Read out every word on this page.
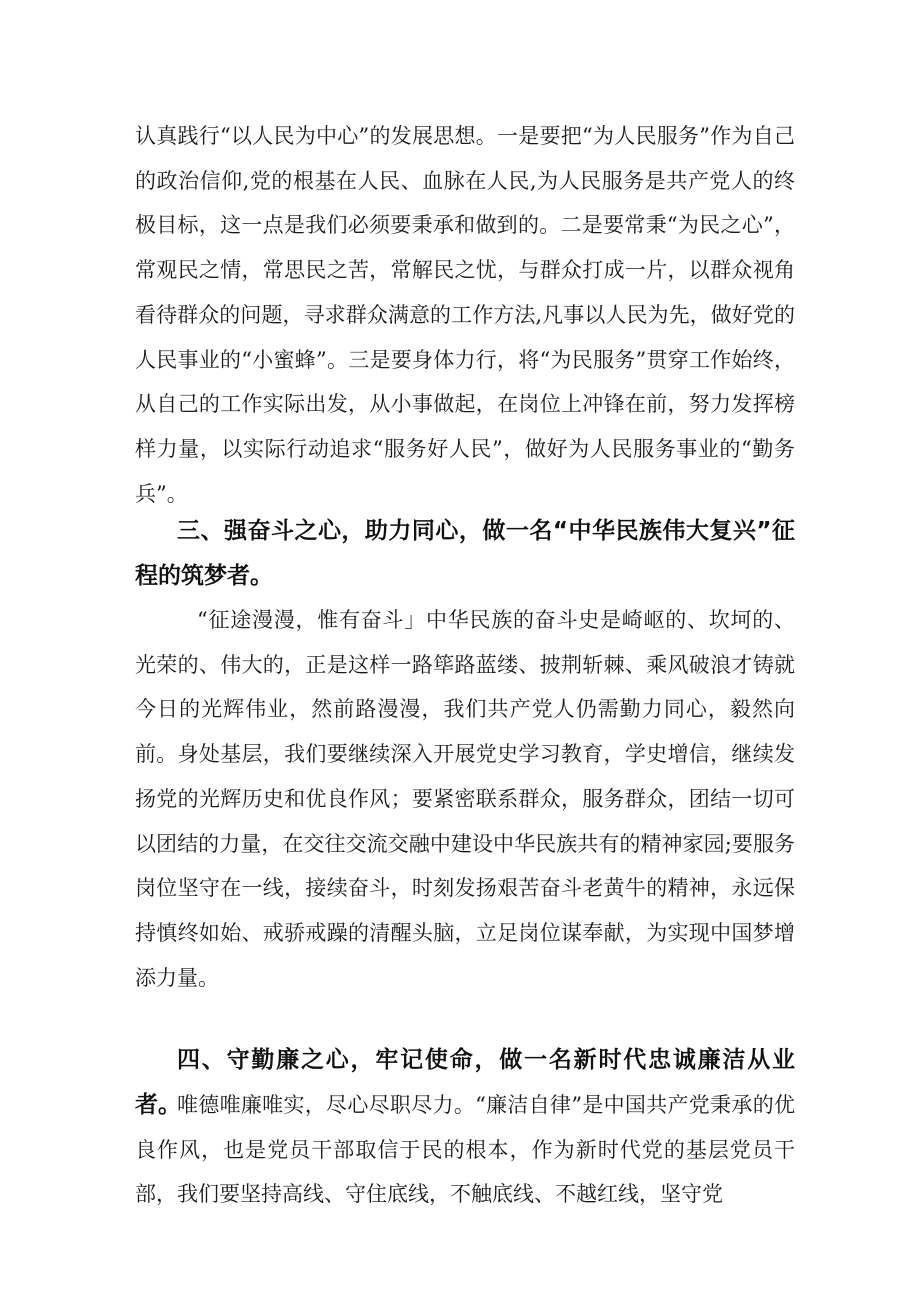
认真践行“以人民为中心”的发展思想。一是要把“为人民服务”作为自己的政治信仰,党的根基在人民、血脉在人民,为人民服务是共产党人的终极目标，这一点是我们必须要秉承和做到的。二是要常秉“为民之心”，常观民之情，常思民之苦，常解民之忧，与群众打成一片，以群众视角看待群众的问题，寻求群众满意的工作方法,凡事以人民为先，做好党的人民事业的“小蜜蜂”。三是要身体力行，将“为民服务”贯穿工作始终，从自己的工作实际出发，从小事做起，在岗位上冲锋在前，努力发挥榜样力量，以实际行动追求“服务好人民”，做好为人民服务事业的“勤务兵”。

三、强奋斗之心，助力同心，做一名“中华民族伟大复兴”征程的筑梦者。

“征途漫漫，惟有奋斗」中华民族的奋斗史是崎岖的、坎坷的、光荣的、伟大的，正是这样一路筚路蓝缕、披荆斩棘、乘风破浪才铸就今日的光辉伟业，然前路漫漫，我们共产党人仍需勤力同心，毅然向前。身处基层，我们要继续深入开展党史学习教育，学史增信，继续发扬党的光辉历史和优良作风；要紧密联系群众，服务群众，团结一切可以团结的力量，在交往交流交融中建设中华民族共有的精神家园;要服务岗位坚守在一线，接续奋斗，时刻发扬艰苦奋斗老黄牛的精神，永远保持慎终如始、戒骄戒躁的清醒头脑，立足岗位谋奉献，为实现中国梦增添力量。

四、守勤廉之心，牢记使命，做一名新时代忠诚廉洁从业者。

唯德唯廉唯实，尽心尽职尽力。“廉洁自律”是中国共产党秉承的优良作风，也是党员干部取信于民的根本，作为新时代党的基层党员干部，我们要坚持高线、守住底线，不触底线、不越红线，坚守党
